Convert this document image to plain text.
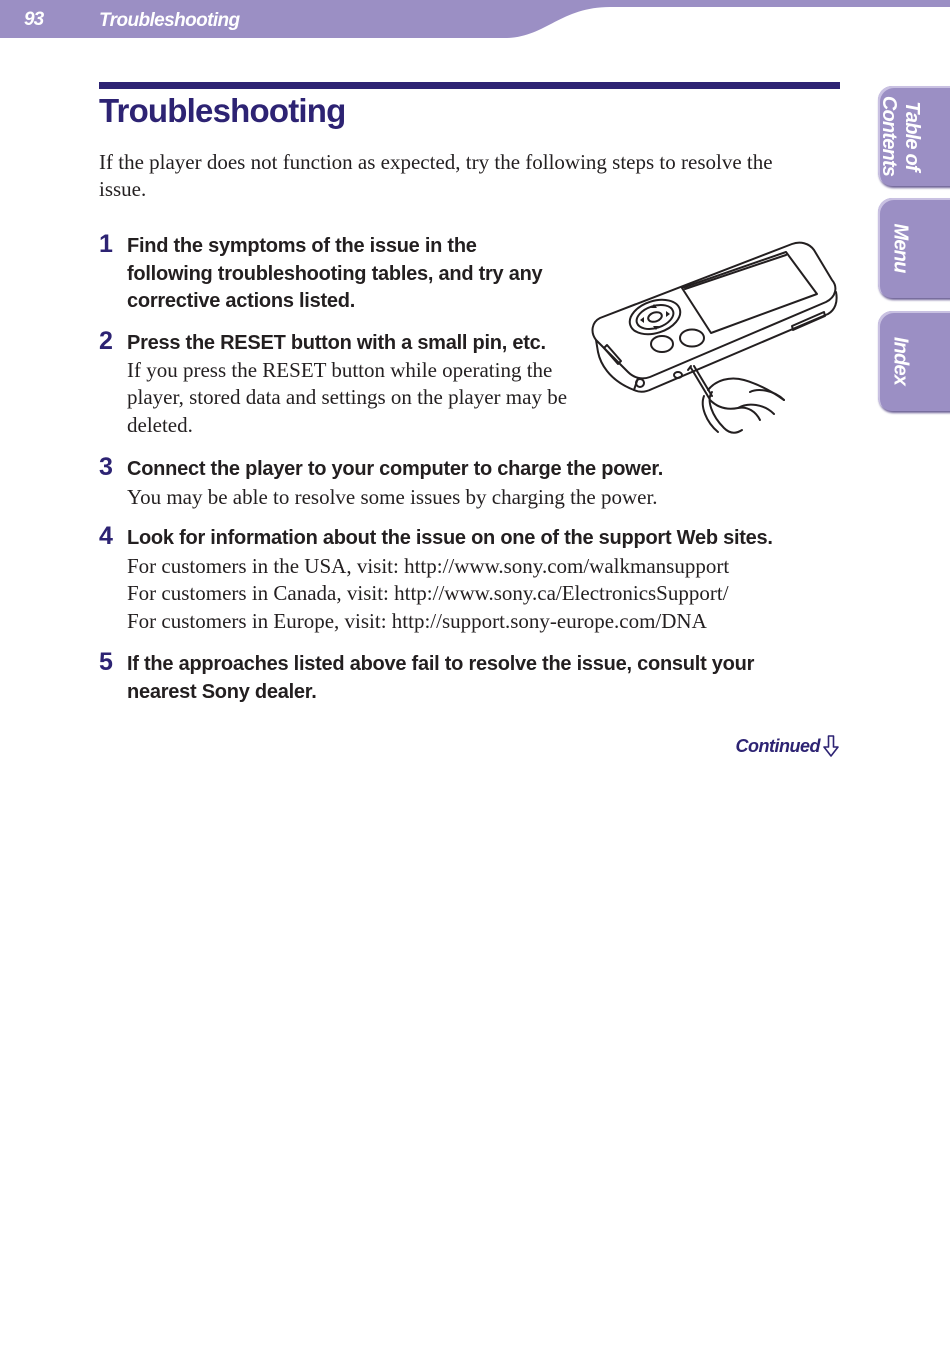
93	Troubleshooting
Table of
Contents
Menu
Index
Troubleshooting

If the player does not function as expected, try the following steps to resolve the issue.

1 Find the symptoms of the issue in the following troubleshooting tables, and try any corrective actions listed.

2 Press the RESET button with a small pin, etc.

If you press the RESET button while operating the player, stored data and settings on the player may be deleted.

3 Connect the player to your computer to charge the power.

You may be able to resolve some issues by charging the power.

4 Look for information about the issue on one of the support Web sites.

For customers in the USA, visit: http://www.sony.com/walkmansupport
For customers in Canada, visit: http://www.sony.ca/ElectronicsSupport/
For customers in Europe, visit: http://support.sony-europe.com/DNA
5 If the approaches listed above fail to resolve the issue, consult your nearest Sony dealer.

Continued
